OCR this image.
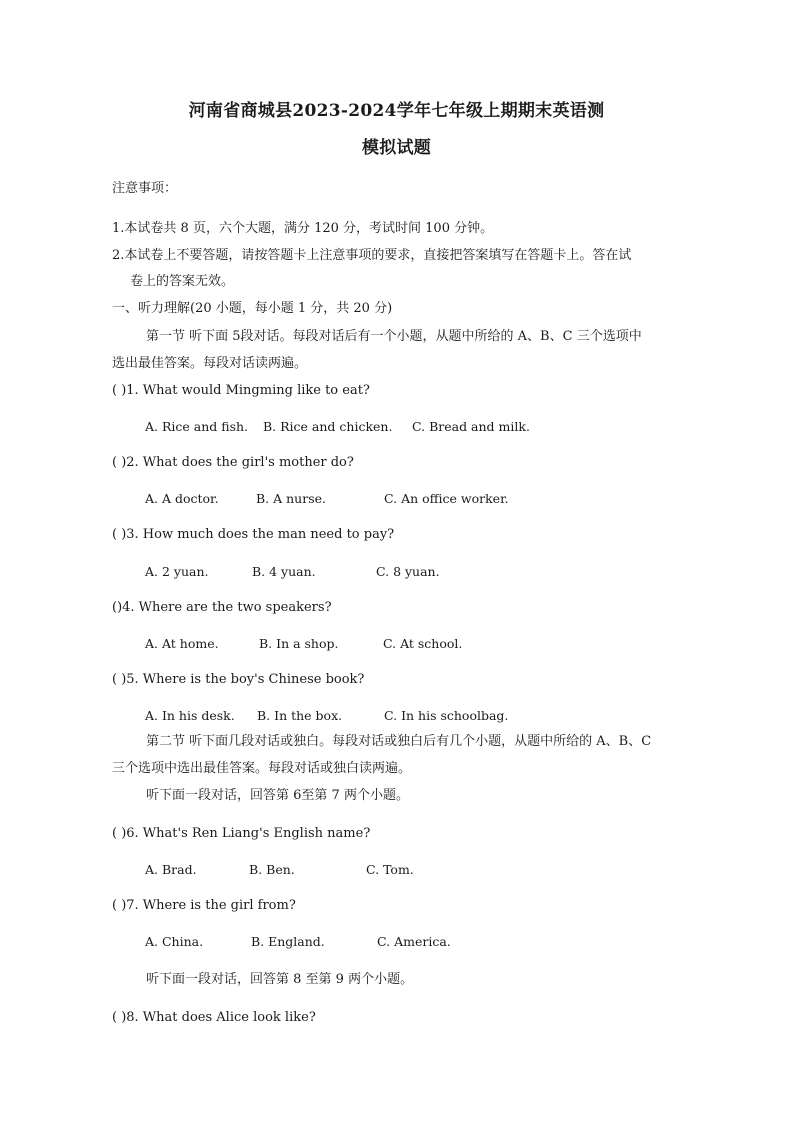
河南省商城县2023-2024学年七年级上期期末英语测
模拟试题
注意事项：
1.本试卷共 8 页，六个大题，满分 120 分，考试时间 100 分钟。
2.本试卷上不要答题，请按答题卡上注意事项的要求，直接把答案填写在答题卡上。答在试
卷上的答案无效。
一、听力理解(20 小题，每小题 1 分，共 20 分)
第一节 听下面 5段对话。每段对话后有一个小题，从题中所给的 A、B、C 三个选项中
选出最佳答案。每段对话读两遍。
( )1. What would Mingming like to eat?
A. Rice and fish. B. Rice and chicken. C. Bread and milk.
( )2. What does the girl's mother do?
A. A doctor.	B. A nurse.	C. An office worker.
( )3. How much does the man need to pay?
A. 2 yuan.	B. 4 yuan.	C. 8 yuan.
()4. Where are the two speakers?
A. At home.	B. In a shop.	C. At school.
( )5. Where is the boy's Chinese book?
A. In his desk. B. In the box.	C. In his schoolbag.
第二节 听下面几段对话或独白。每段对话或独白后有几个小题，从题中所给的 A、B、C
三个选项中选出最佳答案。每段对话或独白读两遍。
听下面一段对话，回答第 6至第 7 两个小题。
( )6. What's Ren Liang's English name?
A. Brad.	B. Ben.	C. Tom.
( )7. Where is the girl from?
A. China.	B. England.	C. America.
听下面一段对话，回答第 8 至第 9 两个小题。
( )8. What does Alice look like?
